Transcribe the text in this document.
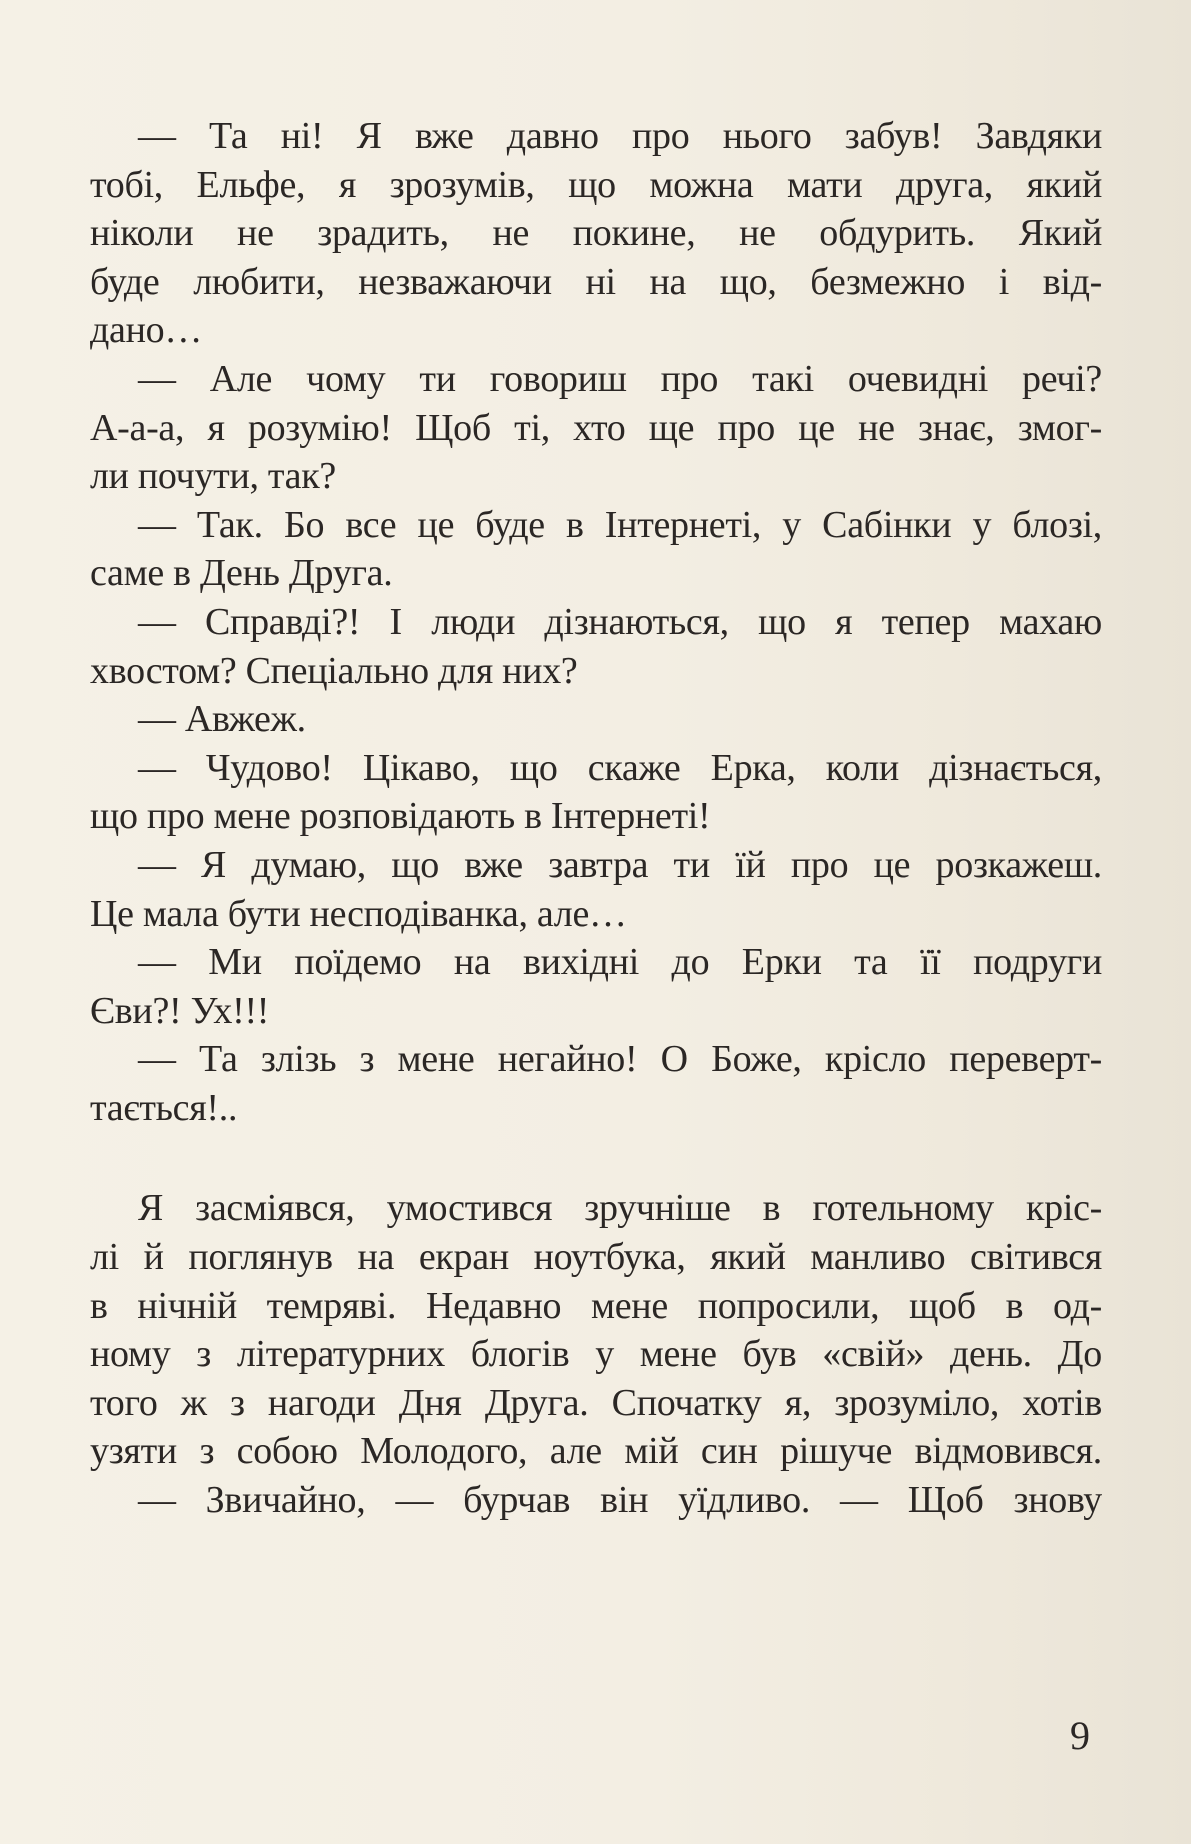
— Та ні! Я вже давно про нього забув! Завдяки
тобі, Ельфе, я зрозумів, що можна мати друга, який
ніколи не зрадить, не покине, не обдурить. Який
буде любити, незважаючи ні на що, безмежно і від-
дано…
— Але чому ти говориш про такі очевидні речі?
А-а-а, я розумію! Щоб ті, хто ще про це не знає, змог-
ли почути, так?
— Так. Бо все це буде в Інтернеті, у Сабінки у блозі,
саме в День Друга.
— Справді?! І люди дізнаються, що я тепер махаю
хвостом? Спеціально для них?
— Авжеж.
— Чудово! Цікаво, що скаже Ерка, коли дізнається,
що про мене розповідають в Інтернеті!
— Я думаю, що вже завтра ти їй про це розкажеш.
Це мала бути несподіванка, але…
— Ми поїдемо на вихідні до Ерки та її подруги
Єви?! Ух!!!
— Та злізь з мене негайно! О Боже, крісло переверт-
тається!..
Я засміявся, умостився зручніше в готельному кріс-
лі й поглянув на екран ноутбука, який манливо світився
в нічній темряві. Недавно мене попросили, щоб в од-
ному з літературних блогів у мене був «свій» день. До
того ж з нагоди Дня Друга. Спочатку я, зрозуміло, хотів
узяти з собою Молодого, але мій син рішуче відмовився.
— Звичайно, — бурчав він уїдливо. — Щоб знову
9
